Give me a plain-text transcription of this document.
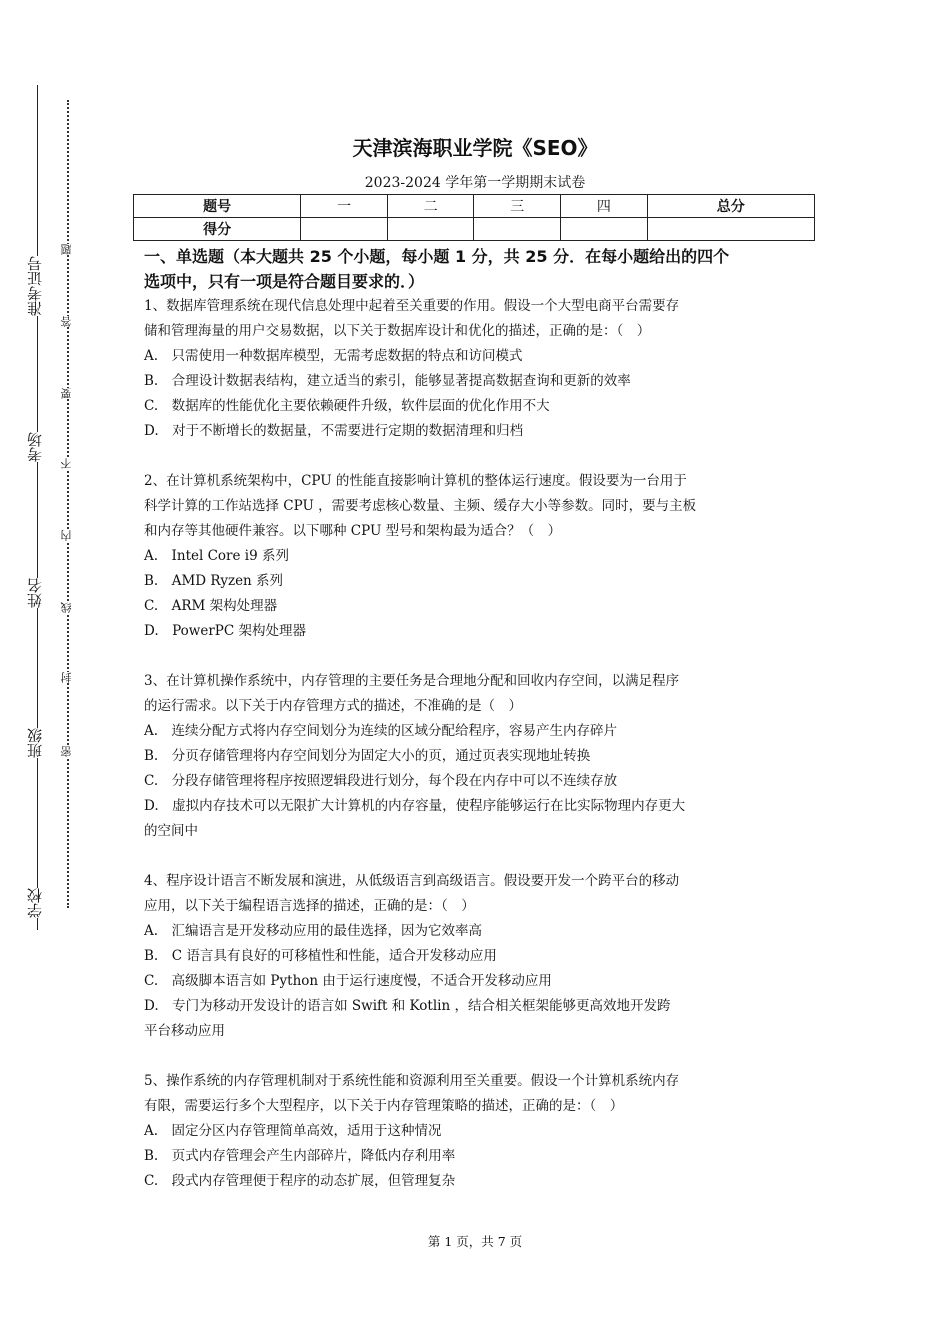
准考证号
考场
姓名
班级
学校
题
答
要
不
内
线
封
密
天津滨海职业学院《SEO》
2023-2024 学年第一学期期末试卷
题号	一	二	三	四	总分
得分					
一、单选题（本大题共 25 个小题，每小题 1 分，共 25 分．在每小题给出的四个
选项中，只有一项是符合题目要求的．）
1、数据库管理系统在现代信息处理中起着至关重要的作用。假设一个大型电商平台需要存
储和管理海量的用户交易数据，以下关于数据库设计和优化的描述，正确的是：（　）
A.　只需使用一种数据库模型，无需考虑数据的特点和访问模式
B.　合理设计数据表结构，建立适当的索引，能够显著提高数据查询和更新的效率
C.　数据库的性能优化主要依赖硬件升级，软件层面的优化作用不大
D.　对于不断增长的数据量，不需要进行定期的数据清理和归档
2、在计算机系统架构中，CPU 的性能直接影响计算机的整体运行速度。假设要为一台用于
科学计算的工作站选择 CPU ，需要考虑核心数量、主频、缓存大小等参数。同时，要与主板
和内存等其他硬件兼容。以下哪种 CPU 型号和架构最为适合？（　）
A.　Intel Core i9 系列
B.　AMD Ryzen 系列
C.　ARM 架构处理器
D.　PowerPC 架构处理器
3、在计算机操作系统中，内存管理的主要任务是合理地分配和回收内存空间，以满足程序
的运行需求。以下关于内存管理方式的描述，不准确的是（　）
A.　连续分配方式将内存空间划分为连续的区域分配给程序，容易产生内存碎片
B.　分页存储管理将内存空间划分为固定大小的页，通过页表实现地址转换
C.　分段存储管理将程序按照逻辑段进行划分，每个段在内存中可以不连续存放
D.　虚拟内存技术可以无限扩大计算机的内存容量，使程序能够运行在比实际物理内存更大
的空间中
4、程序设计语言不断发展和演进，从低级语言到高级语言。假设要开发一个跨平台的移动
应用，以下关于编程语言选择的描述，正确的是：（　）
A.　汇编语言是开发移动应用的最佳选择，因为它效率高
B.　C 语言具有良好的可移植性和性能，适合开发移动应用
C.　高级脚本语言如 Python 由于运行速度慢，不适合开发移动应用
D.　专门为移动开发设计的语言如 Swift 和 Kotlin ，结合相关框架能够更高效地开发跨
平台移动应用
5、操作系统的内存管理机制对于系统性能和资源利用至关重要。假设一个计算机系统内存
有限，需要运行多个大型程序，以下关于内存管理策略的描述，正确的是：（　）
A.　固定分区内存管理简单高效，适用于这种情况
B.　页式内存管理会产生内部碎片，降低内存利用率
C.　段式内存管理便于程序的动态扩展，但管理复杂
第 1 页，共 7 页
